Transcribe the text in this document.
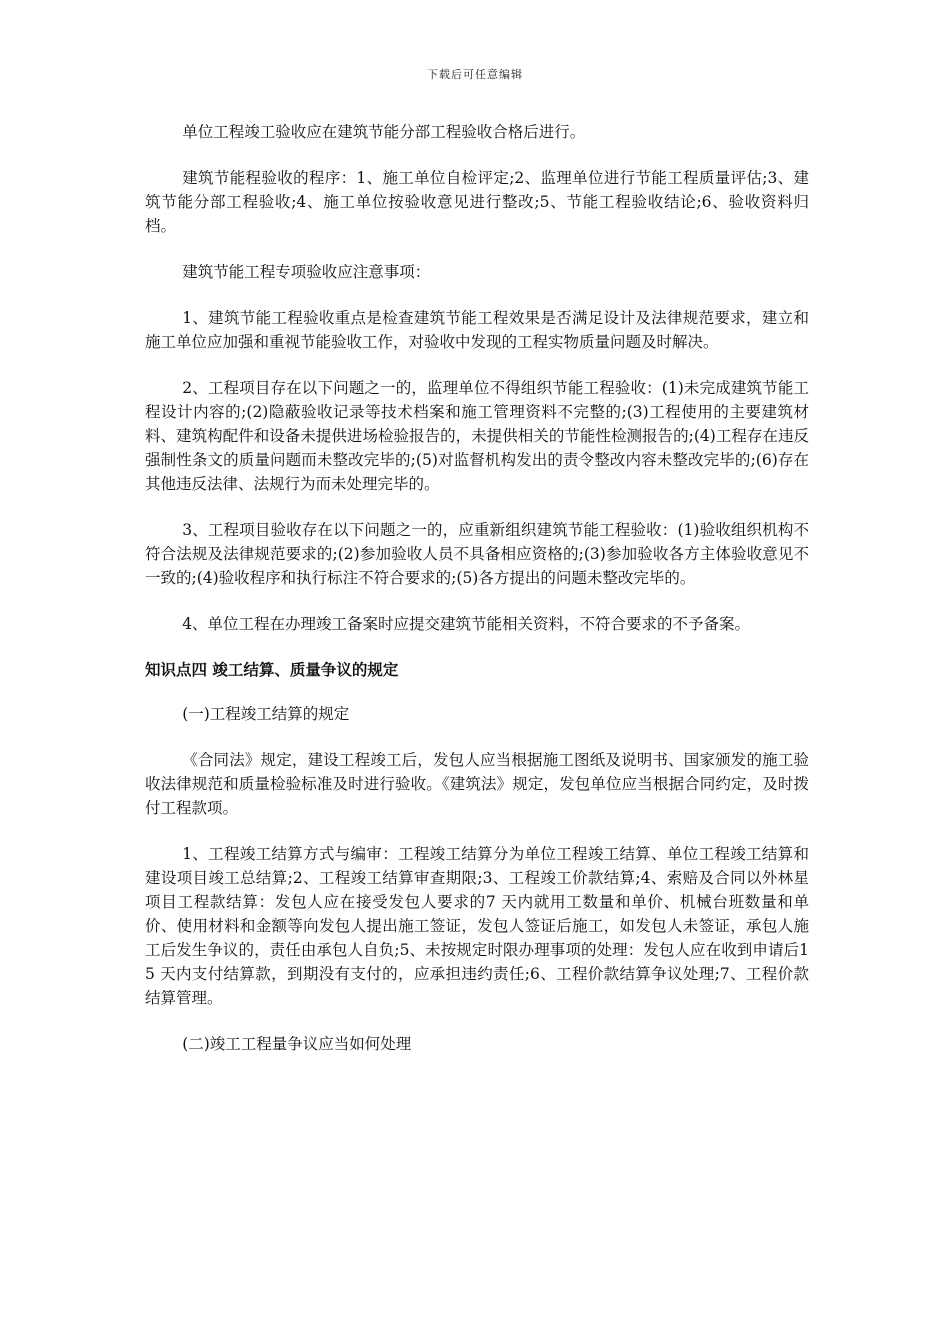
下载后可任意编辑

单位工程竣工验收应在建筑节能分部工程验收合格后进行。

建筑节能程验收的程序：1、施工单位自检评定;2、监理单位进行节能工程质量评估;3、建筑节能分部工程验收;4、施工单位按验收意见进行整改;5、节能工程验收结论;6、验收资料归档。

建筑节能工程专项验收应注意事项：

1、建筑节能工程验收重点是检查建筑节能工程效果是否满足设计及法律规范要求，建立和施工单位应加强和重视节能验收工作，对验收中发现的工程实物质量问题及时解决。

2、工程项目存在以下问题之一的，监理单位不得组织节能工程验收：(1)未完成建筑节能工程设计内容的;(2)隐蔽验收记录等技术档案和施工管理资料不完整的;(3)工程使用的主要建筑材料、建筑构配件和设备未提供进场检验报告的，未提供相关的节能性检测报告的;(4)工程存在违反强制性条文的质量问题而未整改完毕的;(5)对监督机构发出的责令整改内容未整改完毕的;(6)存在其他违反法律、法规行为而未处理完毕的。

3、工程项目验收存在以下问题之一的，应重新组织建筑节能工程验收：(1)验收组织机构不符合法规及法律规范要求的;(2)参加验收人员不具备相应资格的;(3)参加验收各方主体验收意见不一致的;(4)验收程序和执行标注不符合要求的;(5)各方提出的问题未整改完毕的。

4、单位工程在办理竣工备案时应提交建筑节能相关资料，不符合要求的不予备案。

知识点四 竣工结算、质量争议的规定

(一)工程竣工结算的规定

《合同法》规定，建设工程竣工后，发包人应当根据施工图纸及说明书、国家颁发的施工验收法律规范和质量检验标准及时进行验收。《建筑法》规定，发包单位应当根据合同约定，及时拨付工程款项。

1、工程竣工结算方式与编审：工程竣工结算分为单位工程竣工结算、单位工程竣工结算和建设项目竣工总结算;2、工程竣工结算审查期限;3、工程竣工价款结算;4、索赔及合同以外林星项目工程款结算：发包人应在接受发包人要求的7 天内就用工数量和单价、机械台班数量和单价、使用材料和金额等向发包人提出施工签证，发包人签证后施工，如发包人未签证，承包人施工后发生争议的，责任由承包人自负;5、未按规定时限办理事项的处理：发包人应在收到申请后15 天内支付结算款，到期没有支付的，应承担违约责任;6、工程价款结算争议处理;7、工程价款结算管理。

(二)竣工工程量争议应当如何处理
